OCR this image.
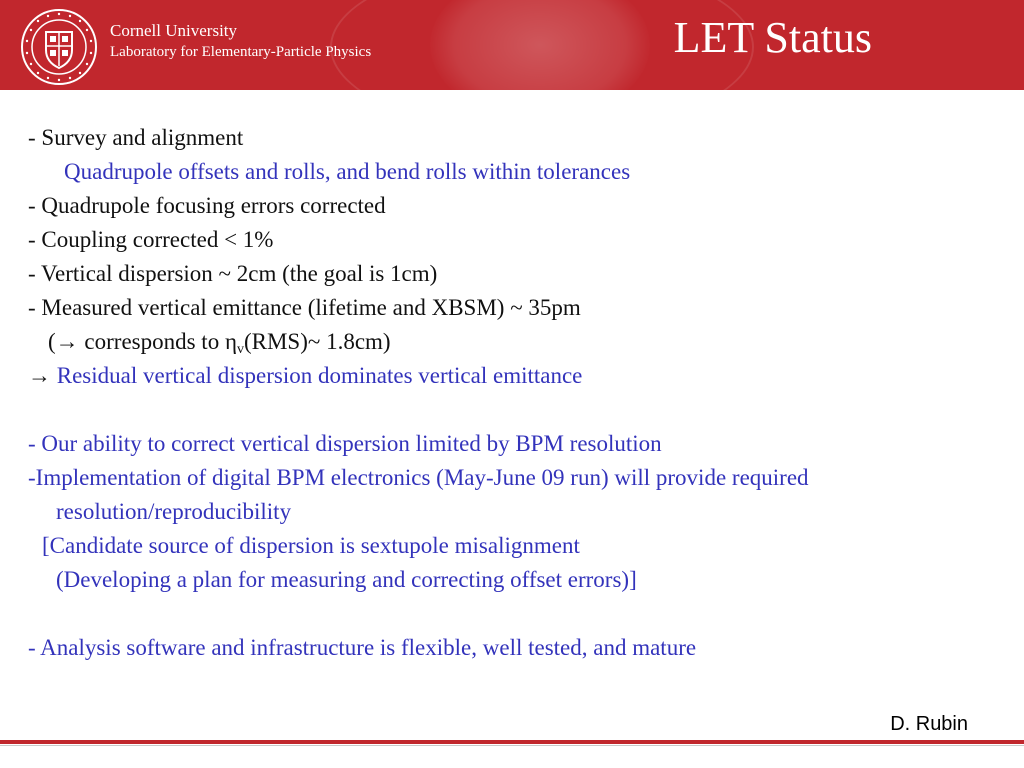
Cornell University
Laboratory for Elementary-Particle Physics	LET Status

- Survey and alignment

Quadrupole offsets and rolls, and bend rolls within tolerances

- Quadrupole focusing errors corrected

- Coupling corrected < 1%

- Vertical dispersion ~ 2cm (the goal is 1cm)

- Measured vertical emittance (lifetime and XBSM) ~ 35pm

(→ corresponds to $\eta_v(RMS)\sim$ 1.8cm)

→ Residual vertical dispersion dominates vertical emittance

- Our ability to correct vertical dispersion limited by BPM resolution

-Implementation of digital BPM electronics (May-June 09 run) will provide required

resolution/reproducibility

[Candidate source of dispersion is sextupole misalignment

(Developing a plan for measuring and correcting offset errors)]

- Analysis software and infrastructure is flexible, well tested, and mature

D. Rubin
